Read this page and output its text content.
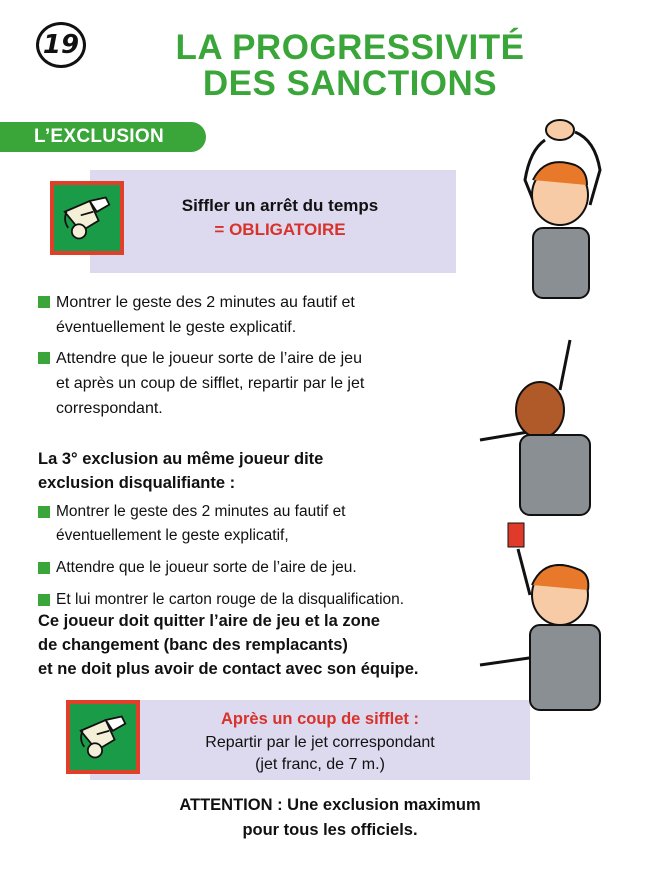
19	LA PROGRESSIVITÉ
DES SANCTIONS
L’EXCLUSION
Siffler un arrêt du temps
= OBLIGATOIRE
Montrer le geste des 2 minutes au fautif et
éventuellement le geste explicatif.
Attendre que le joueur sorte de l’aire de jeu
et après un coup de sifflet, repartir par le jet
correspondant.
La 3° exclusion au même joueur dite
exclusion disqualifiante :
Montrer le geste des 2 minutes au fautif et
éventuellement le geste explicatif,
Attendre que le joueur sorte de l’aire de jeu.
Et lui montrer le carton rouge de la disqualification.
Ce joueur doit quitter l’aire de jeu et la zone
de changement (banc des remplacants)
et ne doit plus avoir de contact avec son équipe.
Après un coup de sifflet :
Repartir par le jet correspondant
(jet franc, de 7 m.)
ATTENTION : Une exclusion maximum
pour tous les officiels.
